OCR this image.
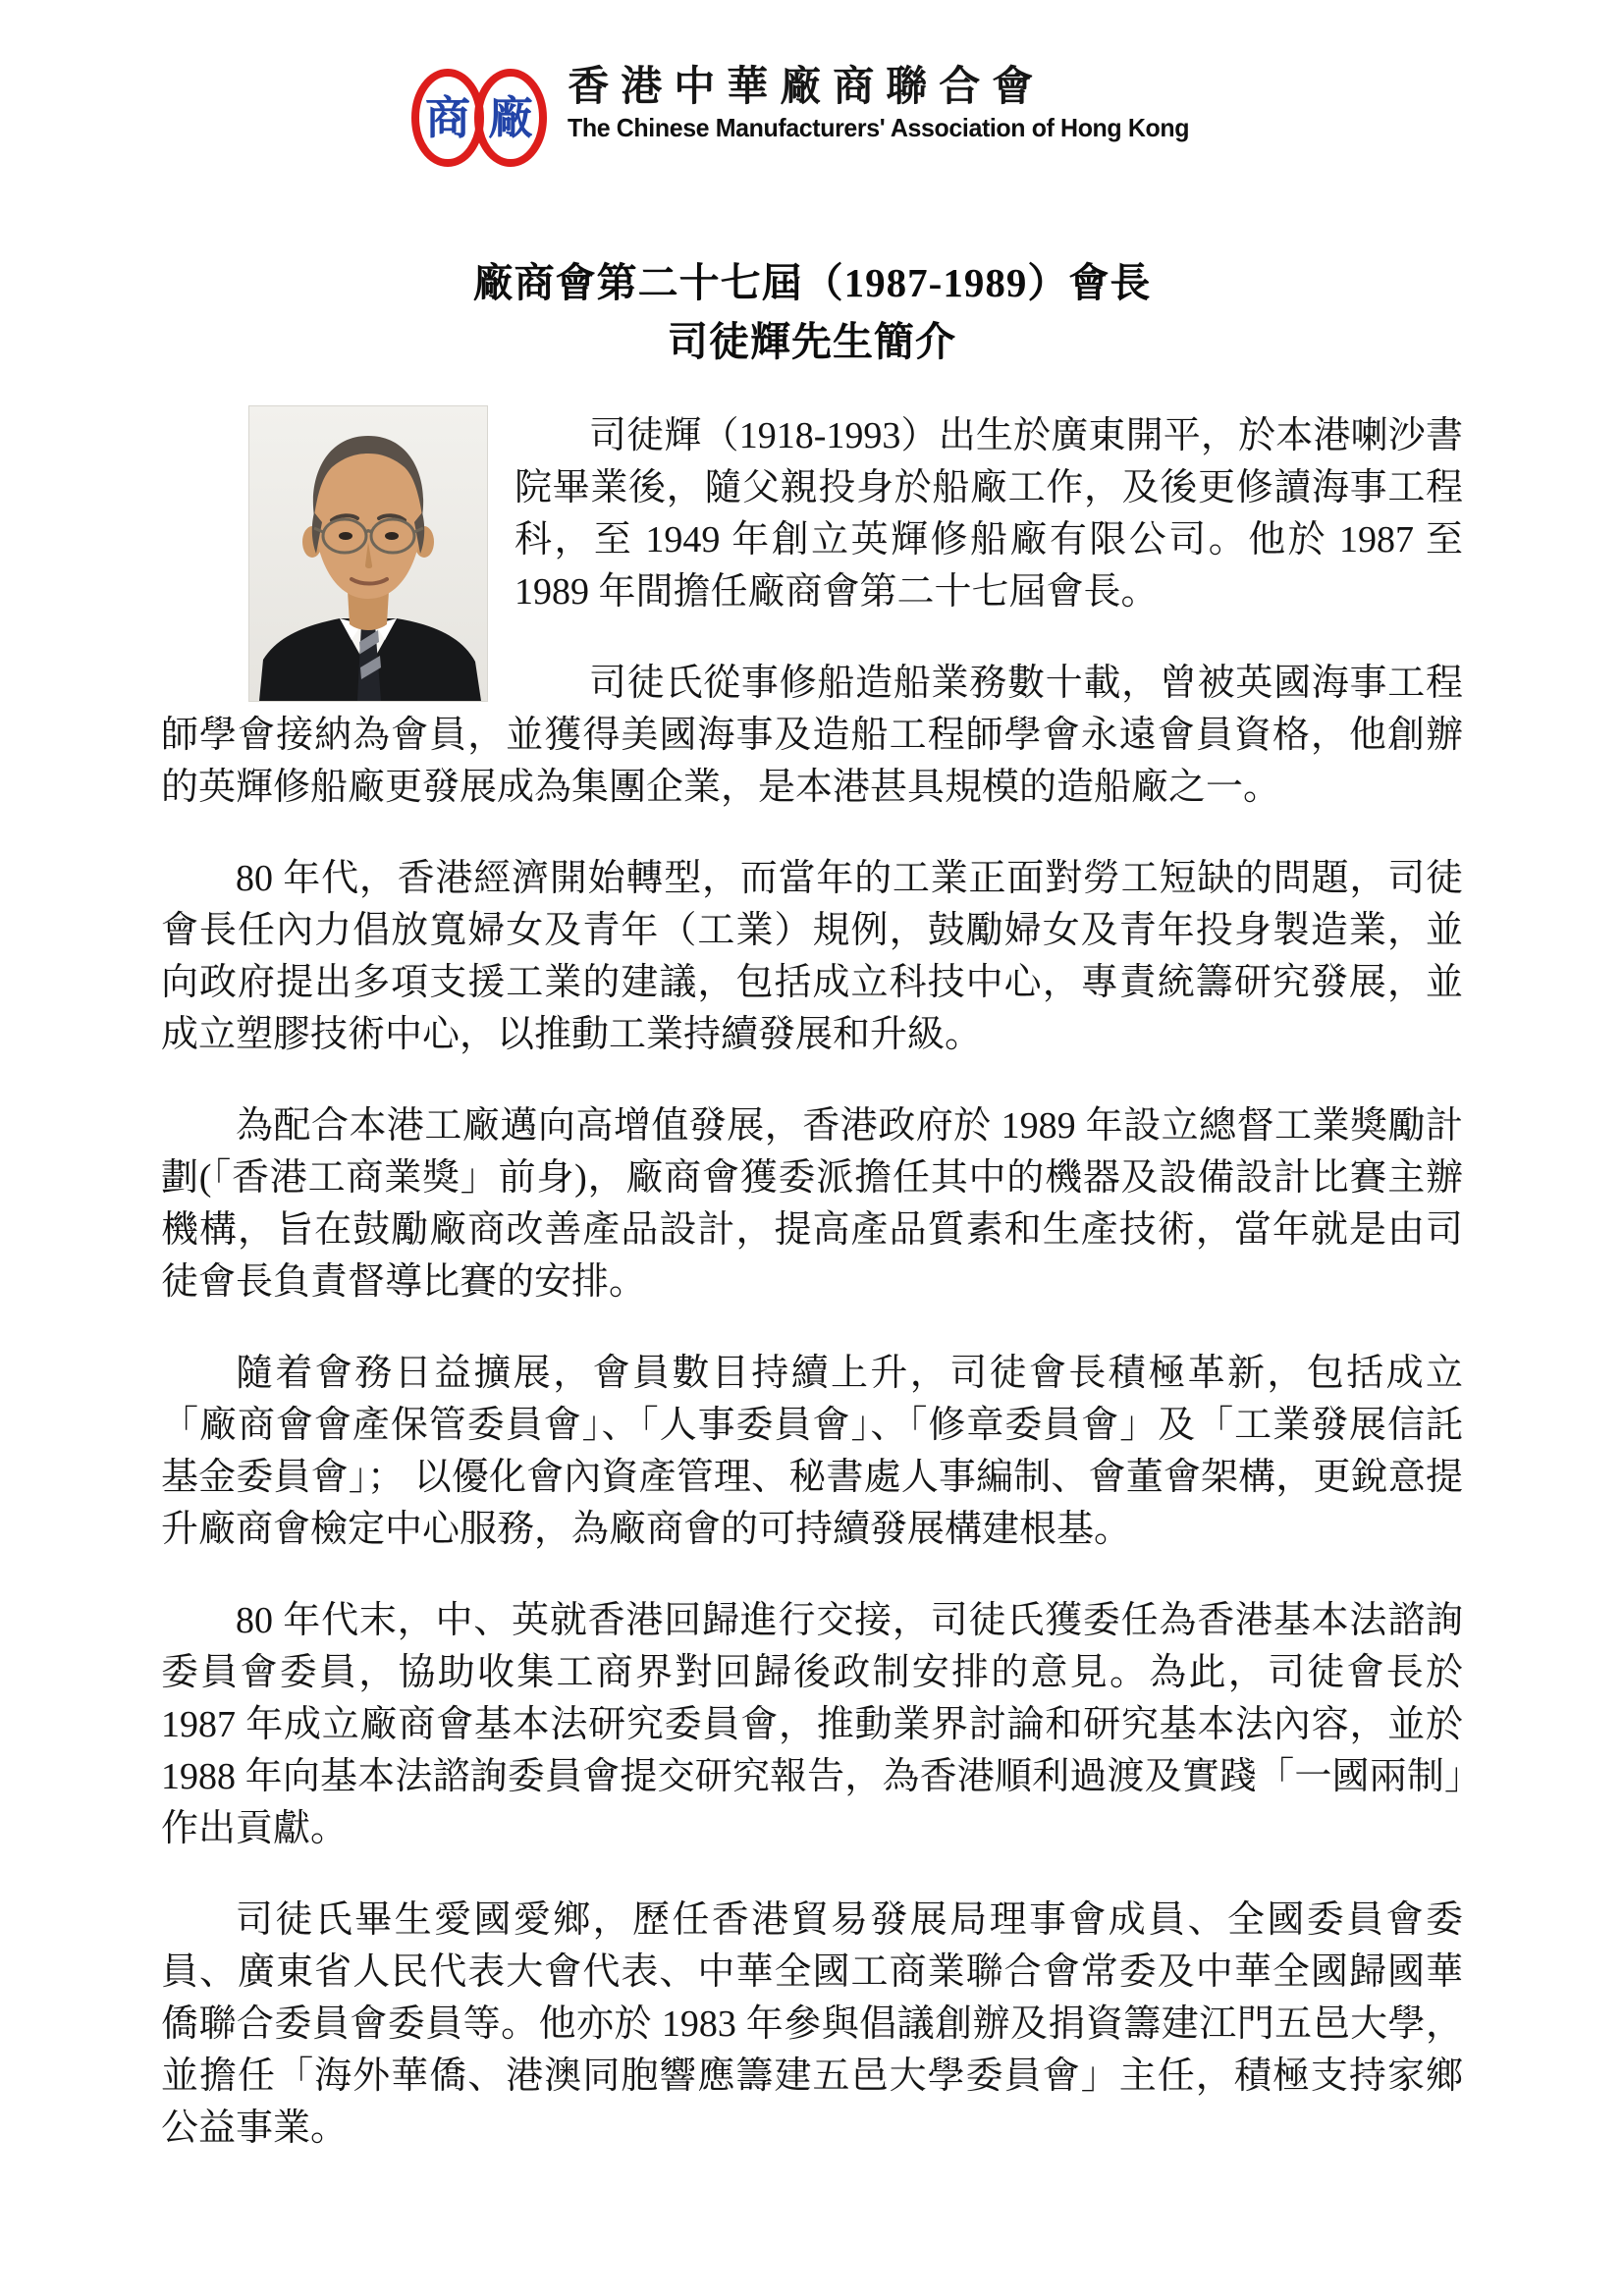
商 廠
香港中華廠商聯合會
The Chinese Manufacturers' Association of Hong Kong
廠商會第二十七屆（1987-1989）會長
司徒輝先生簡介

司徒輝（1918-1993）出生於廣東開平，於本港喇沙書院畢業後，隨父親投身於船廠工作，及後更修讀海事工程科，至 1949 年創立英輝修船廠有限公司。他於 1987 至 1989 年間擔任廠商會第二十七屆會長。

司徒氏從事修船造船業務數十載，曾被英國海事工程師學會接納為會員，並獲得美國海事及造船工程師學會永遠會員資格，他創辦的英輝修船廠更發展成為集團企業，是本港甚具規模的造船廠之一。

80 年代，香港經濟開始轉型，而當年的工業正面對勞工短缺的問題，司徒會長任內力倡放寬婦女及青年（工業）規例，鼓勵婦女及青年投身製造業，並向政府提出多項支援工業的建議，包括成立科技中心，專責統籌研究發展，並成立塑膠技術中心，以推動工業持續發展和升級。

為配合本港工廠邁向高增值發展，香港政府於 1989 年設立總督工業獎勵計劃(「香港工商業獎」前身)，廠商會獲委派擔任其中的機器及設備設計比賽主辦機構，旨在鼓勵廠商改善產品設計，提高產品質素和生產技術，當年就是由司徒會長負責督導比賽的安排。

隨着會務日益擴展，會員數目持續上升，司徒會長積極革新，包括成立「廠商會會產保管委員會」、「人事委員會」、「修章委員會」及「工業發展信託基金委員會」； 以優化會內資產管理、秘書處人事編制、會董會架構，更銳意提升廠商會檢定中心服務，為廠商會的可持續發展構建根基。

80 年代末，中、英就香港回歸進行交接，司徒氏獲委任為香港基本法諮詢委員會委員，協助收集工商界對回歸後政制安排的意見。為此，司徒會長於 1987 年成立廠商會基本法研究委員會，推動業界討論和研究基本法內容，並於 1988 年向基本法諮詢委員會提交研究報告，為香港順利過渡及實踐「一國兩制」作出貢獻。

司徒氏畢生愛國愛鄉，歷任香港貿易發展局理事會成員、全國委員會委員、廣東省人民代表大會代表、中華全國工商業聯合會常委及中華全國歸國華僑聯合委員會委員等。他亦於 1983 年參與倡議創辦及捐資籌建江門五邑大學，並擔任「海外華僑、港澳同胞響應籌建五邑大學委員會」主任，積極支持家鄉公益事業。
